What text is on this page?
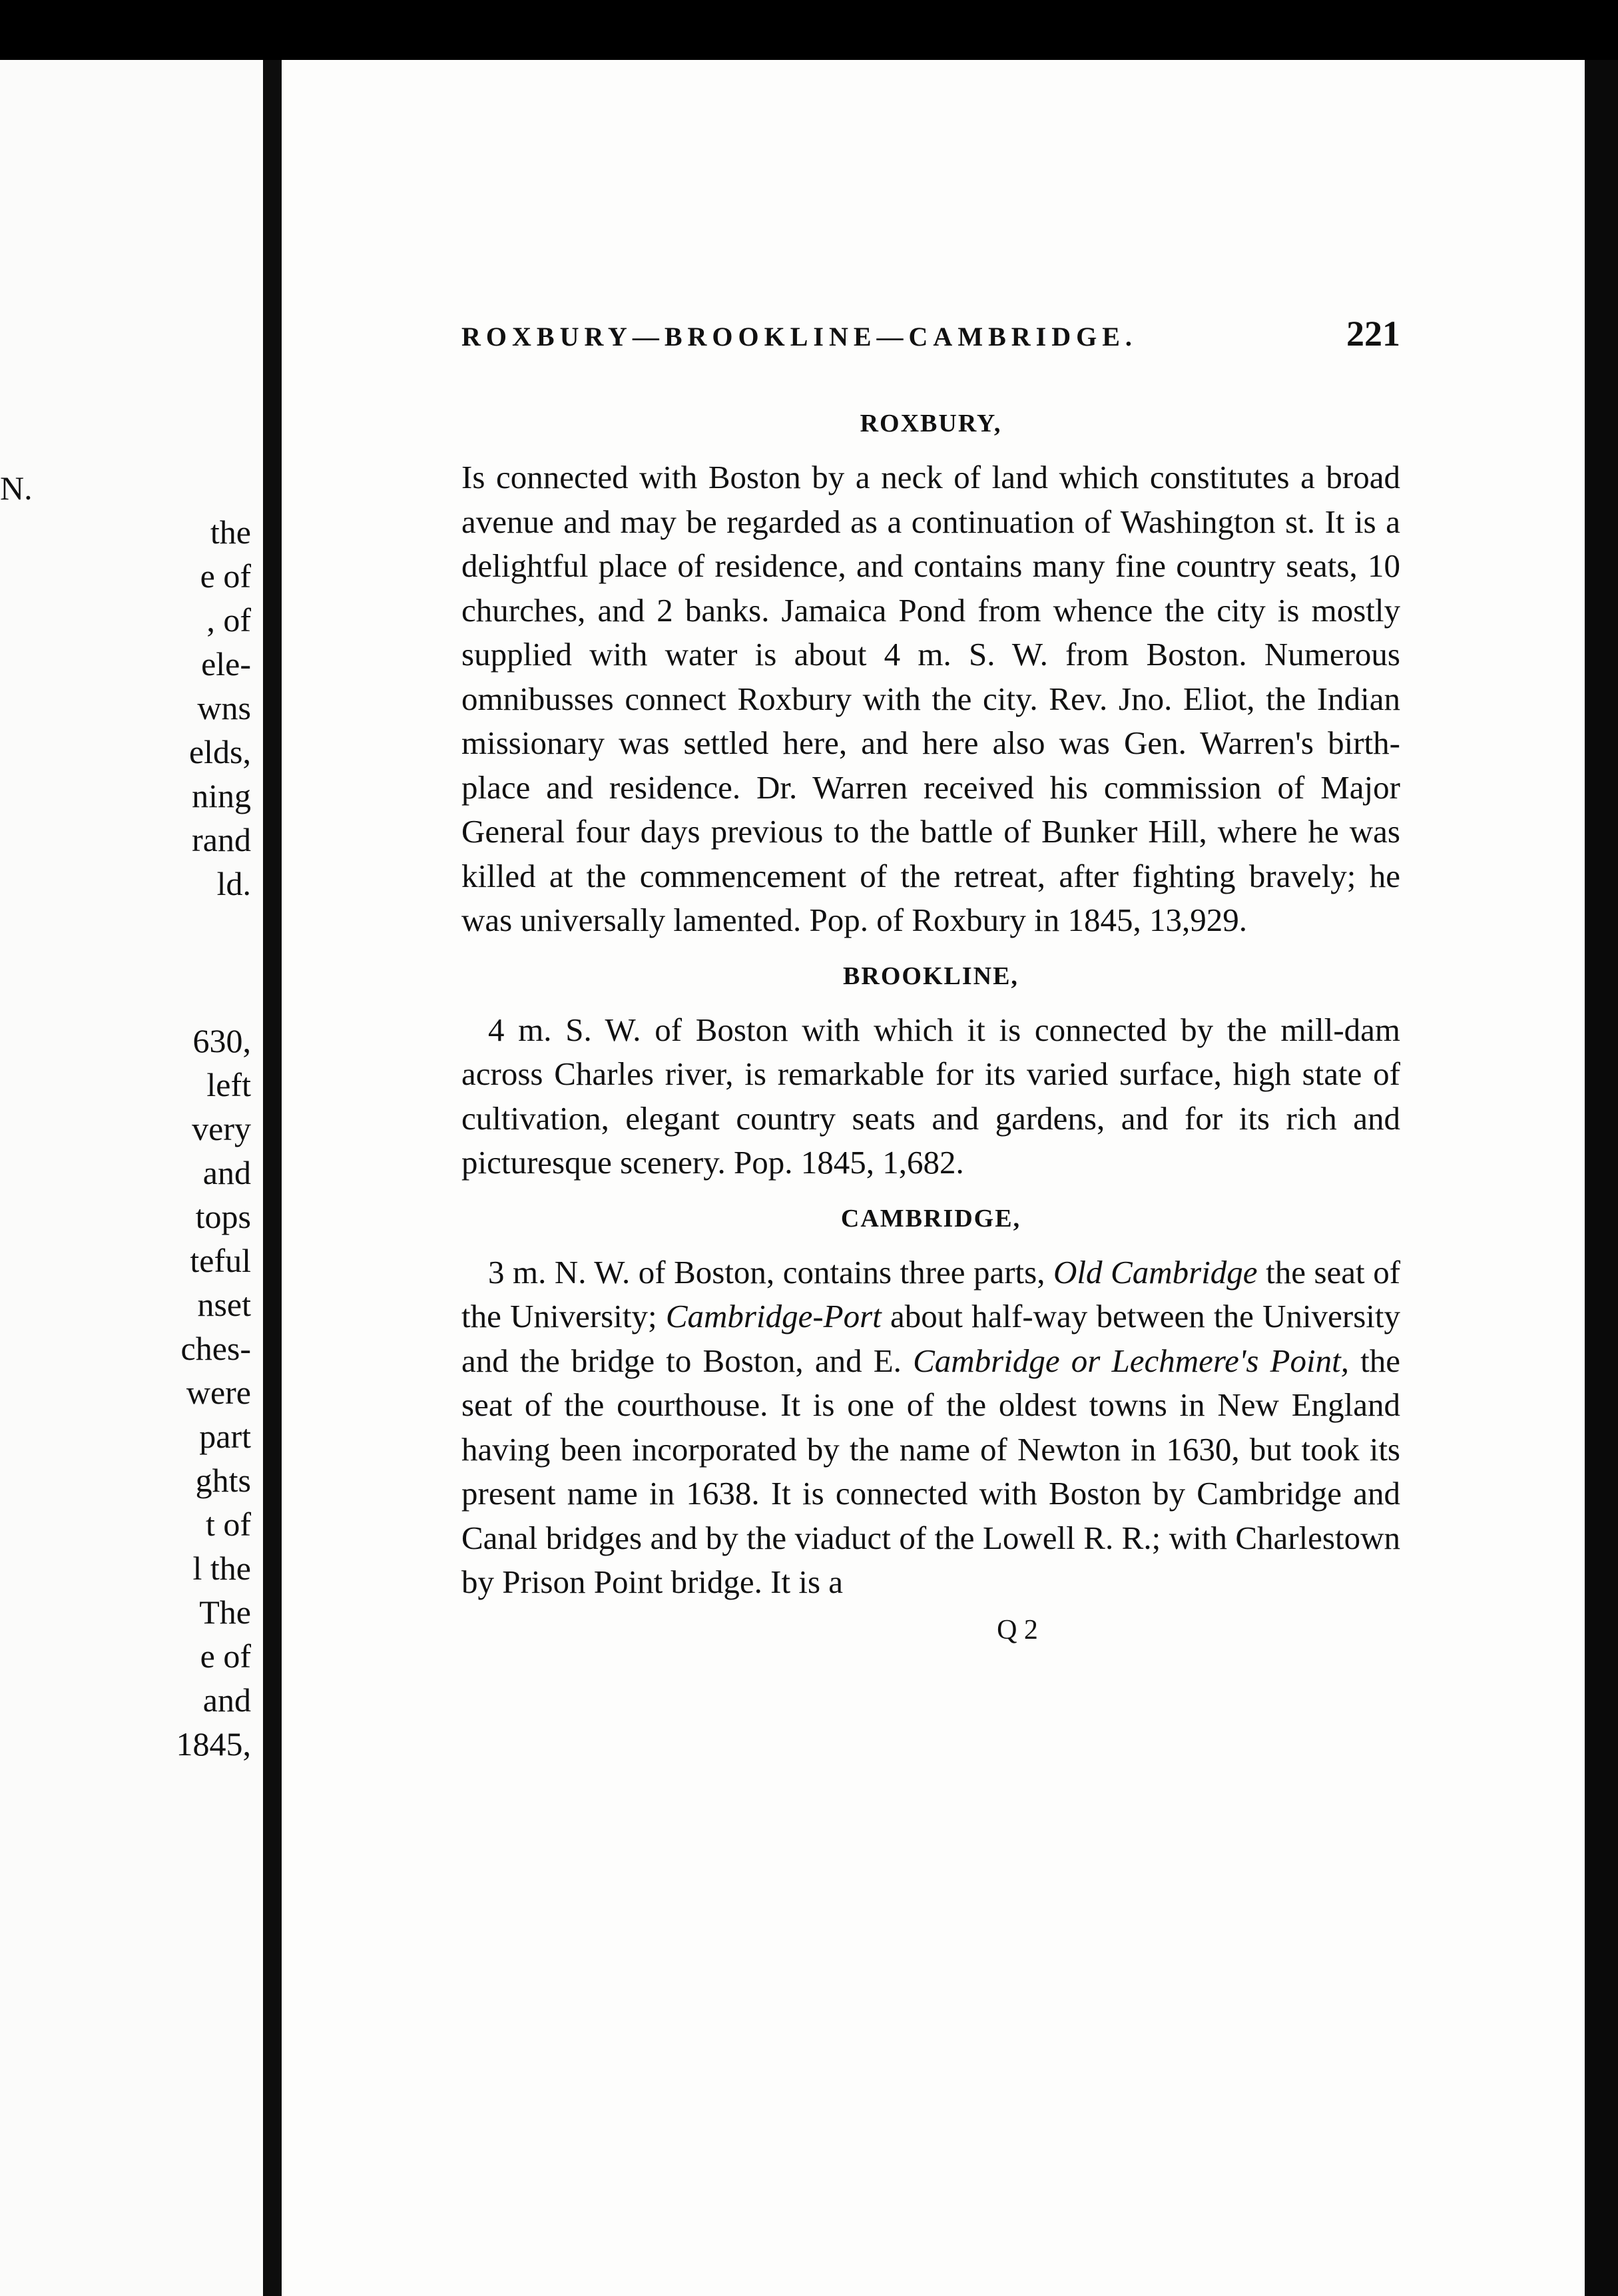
N.
the
e of
, of
ele-
wns
elds,
ning
rand
ld.
630,
left
very
and
tops
teful
nset
ches-
were
part
ghts
t of
l the
The
e of
and
1845,
ROXBURY—BROOKLINE—CAMBRIDGE.	221
ROXBURY,

Is connected with Boston by a neck of land which constitutes a broad avenue and may be regarded as a continuation of Washington st. It is a delightful place of residence, and contains many fine country seats, 10 churches, and 2 banks. Jamaica Pond from whence the city is mostly supplied with water is about 4 m. S. W. from Boston. Numerous omnibusses connect Roxbury with the city. Rev. Jno. Eliot, the Indian missionary was settled here, and here also was Gen. Warren's birth-place and residence. Dr. Warren received his commission of Major General four days previous to the battle of Bunker Hill, where he was killed at the commencement of the retreat, after fighting bravely; he was universally lamented. Pop. of Roxbury in 1845, 13,929.

BROOKLINE,

4 m. S. W. of Boston with which it is connected by the mill-dam across Charles river, is remarkable for its varied surface, high state of cultivation, elegant country seats and gardens, and for its rich and picturesque scenery. Pop. 1845, 1,682.

CAMBRIDGE,

3 m. N. W. of Boston, contains three parts, Old Cambridge the seat of the University; Cambridge-Port about half-way between the University and the bridge to Boston, and E. Cambridge or Lechmere's Point, the seat of the courthouse. It is one of the oldest towns in New England having been incorporated by the name of Newton in 1630, but took its present name in 1638. It is connected with Boston by Cambridge and Canal bridges and by the viaduct of the Lowell R. R.; with Charlestown by Prison Point bridge. It is a

Q 2
